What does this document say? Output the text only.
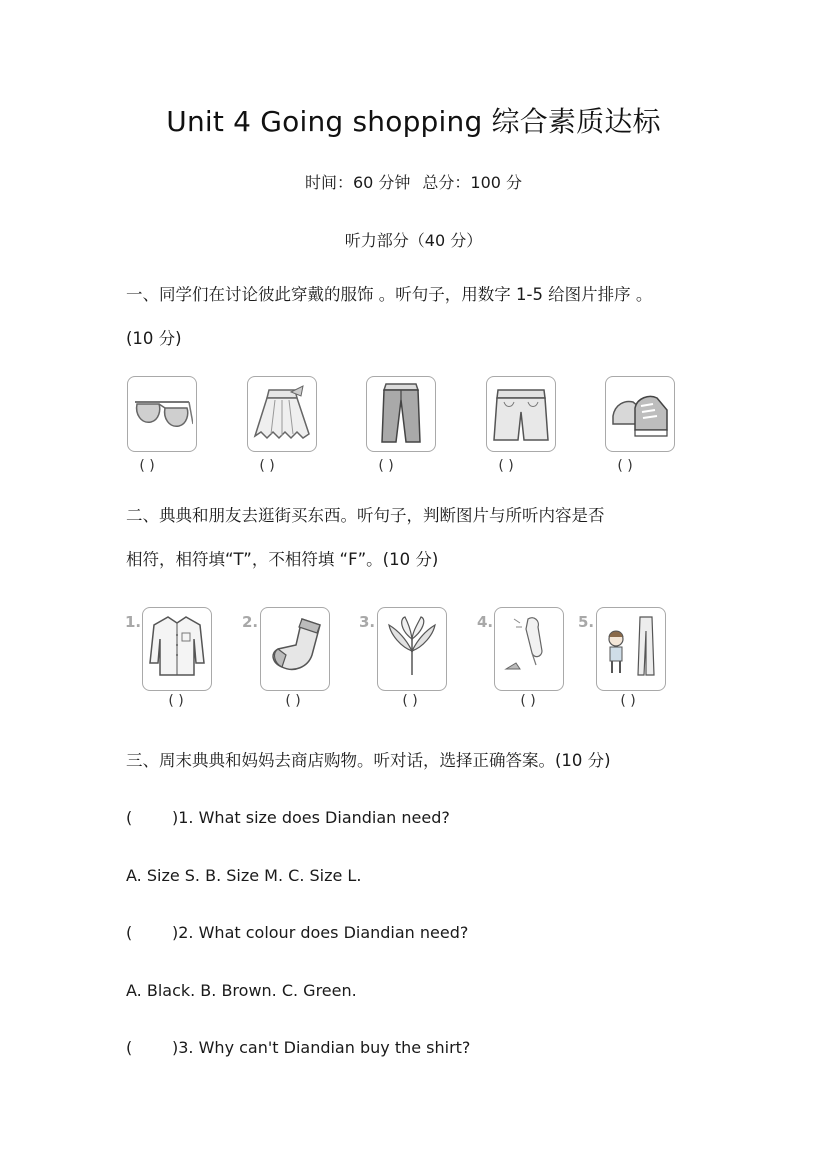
Unit 4 Going shopping 综合素质达标
时间：60 分钟 总分：100 分
听力部分（40 分）
一、同学们在讨论彼此穿戴的服饰 。听句子，用数字 1-5 给图片排序 。
(10 分)
( )	( )	( )	( )	( )
二、典典和朋友去逛街买东西。听句子，判断图片与所听内容是否
相符，相符填“T”，不相符填 “F”。(10 分)
1.
( )
2.
( )
3.
( )
4.
( )
5.
( )
三、周末典典和妈妈去商店购物。听对话，选择正确答案。(10 分)
( )1. What size does Diandian need?
A. Size S. B. Size M. C. Size L.
( )2. What colour does Diandian need?
A. Black. B. Brown. C. Green.
( )3. Why can't Diandian buy the shirt?
